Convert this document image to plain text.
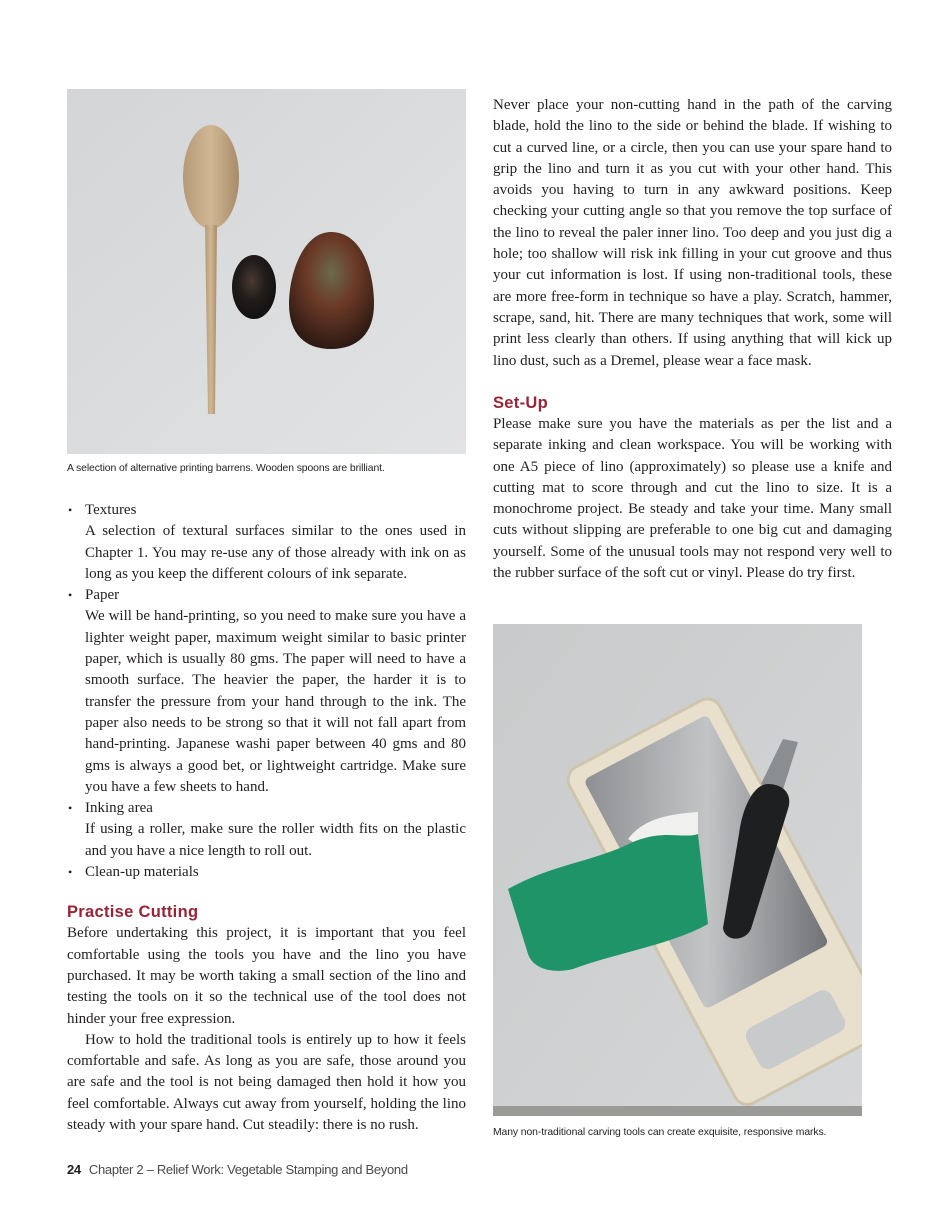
A selection of alternative printing barrens. Wooden spoons are brilliant.
• Textures
A selection of textural surfaces similar to the ones used in Chapter 1. You may re-use any of those already with ink on as long as you keep the different colours of ink separate.
• Paper
We will be hand-printing, so you need to make sure you have a lighter weight paper, maximum weight similar to basic printer paper, which is usually 80 gms. The paper will need to have a smooth surface. The heavier the paper, the harder it is to transfer the pressure from your hand through to the ink. The paper also needs to be strong so that it will not fall apart from hand-printing. Japanese washi paper between 40 gms and 80 gms is always a good bet, or lightweight cartridge. Make sure you have a few sheets to hand.
• Inking area
If using a roller, make sure the roller width fits on the plastic and you have a nice length to roll out.
• Clean-up materials
Practise Cutting

Before undertaking this project, it is important that you feel comfortable using the tools you have and the lino you have purchased. It may be worth taking a small section of the lino and testing the tools on it so the technical use of the tool does not hinder your free expression.

How to hold the traditional tools is entirely up to how it feels comfortable and safe. As long as you are safe, those around you are safe and the tool is not being damaged then hold it how you feel comfortable. Always cut away from yourself, holding the lino steady with your spare hand. Cut steadily: there is no rush.

Never place your non-cutting hand in the path of the carving blade, hold the lino to the side or behind the blade. If wishing to cut a curved line, or a circle, then you can use your spare hand to grip the lino and turn it as you cut with your other hand. This avoids you having to turn in any awkward positions. Keep checking your cutting angle so that you remove the top surface of the lino to reveal the paler inner lino. Too deep and you just dig a hole; too shallow will risk ink filling in your cut groove and thus your cut information is lost. If using non-traditional tools, these are more free-form in technique so have a play. Scratch, hammer, scrape, sand, hit. There are many techniques that work, some will print less clearly than others. If using anything that will kick up lino dust, such as a Dremel, please wear a face mask.

Set-Up

Please make sure you have the materials as per the list and a separate inking and clean workspace. You will be working with one A5 piece of lino (approximately) so please use a knife and cutting mat to score through and cut the lino to size. It is a monochrome project. Be steady and take your time. Many small cuts without slipping are preferable to one big cut and damaging yourself. Some of the unusual tools may not respond very well to the rubber surface of the soft cut or vinyl. Please do try first.

Many non-traditional carving tools can create exquisite, responsive marks.
24 Chapter 2 – Relief Work: Vegetable Stamping and Beyond
